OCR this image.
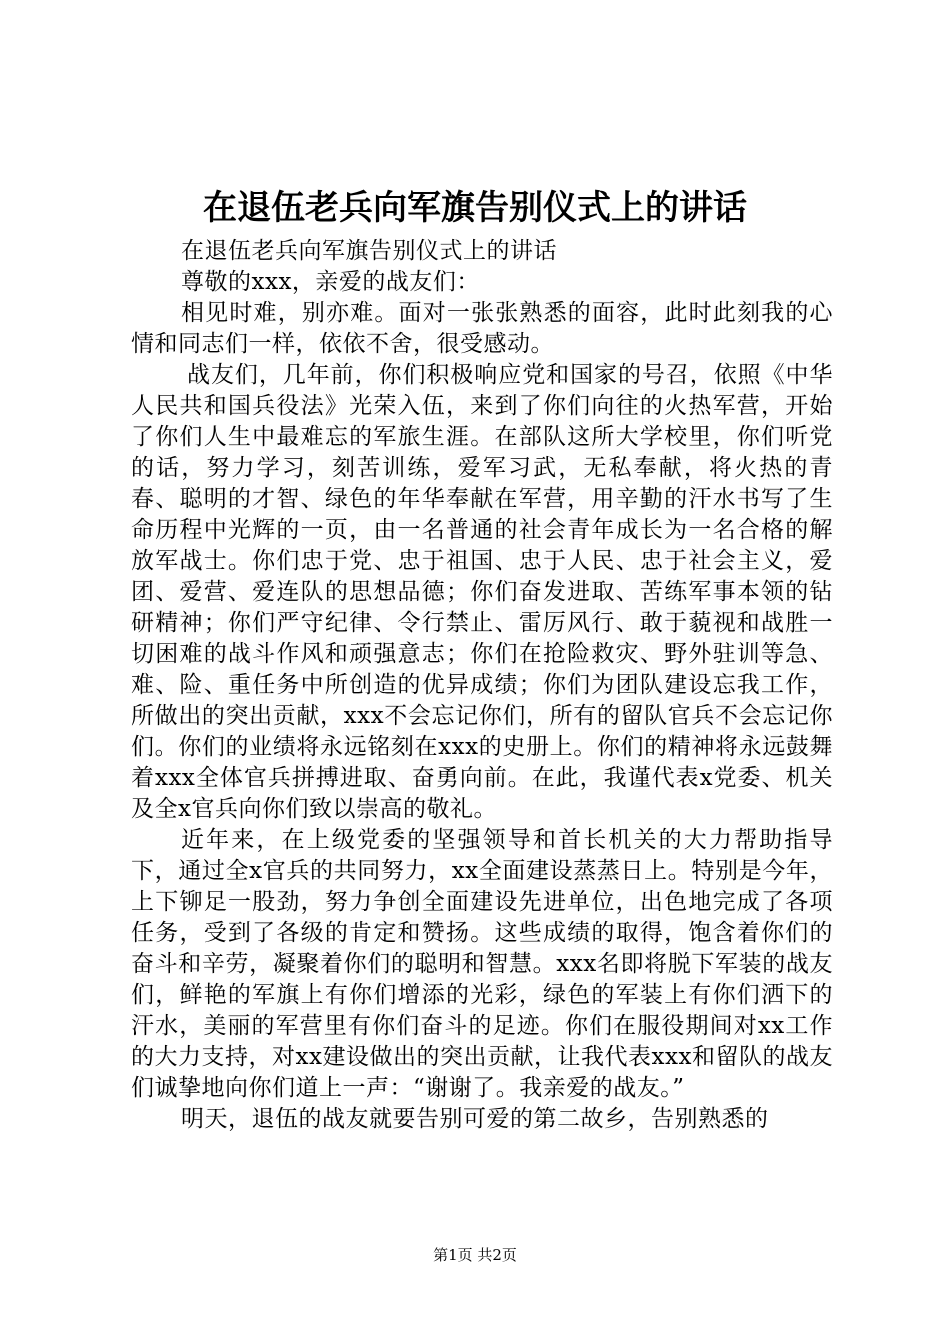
在退伍老兵向军旗告别仪式上的讲话

在退伍老兵向军旗告别仪式上的讲话

尊敬的xxx，亲爱的战友们：

相见时难，别亦难。面对一张张熟悉的面容，此时此刻我的心情和同志们一样，依依不舍，很受感动。

战友们，几年前，你们积极响应党和国家的号召，依照《中华人民共和国兵役法》光荣入伍，来到了你们向往的火热军营，开始了你们人生中最难忘的军旅生涯。在部队这所大学校里，你们听党的话，努力学习，刻苦训练，爱军习武，无私奉献，将火热的青春、聪明的才智、绿色的年华奉献在军营，用辛勤的汗水书写了生命历程中光辉的一页，由一名普通的社会青年成长为一名合格的解放军战士。你们忠于党、忠于祖国、忠于人民、忠于社会主义，爱团、爱营、爱连队的思想品德；你们奋发进取、苦练军事本领的钻研精神；你们严守纪律、令行禁止、雷厉风行、敢于藐视和战胜一切困难的战斗作风和顽强意志；你们在抢险救灾、野外驻训等急、难、险、重任务中所创造的优异成绩；你们为团队建设忘我工作，所做出的突出贡献，xxx不会忘记你们，所有的留队官兵不会忘记你们。你们的业绩将永远铭刻在xxx的史册上。你们的精神将永远鼓舞着xxx全体官兵拼搏进取、奋勇向前。在此，我谨代表x党委、机关及全x官兵向你们致以崇高的敬礼。

近年来，在上级党委的坚强领导和首长机关的大力帮助指导下，通过全x官兵的共同努力，xx全面建设蒸蒸日上。特别是今年，上下铆足一股劲，努力争创全面建设先进单位，出色地完成了各项任务，受到了各级的肯定和赞扬。这些成绩的取得，饱含着你们的奋斗和辛劳，凝聚着你们的聪明和智慧。xxx名即将脱下军装的战友们，鲜艳的军旗上有你们增添的光彩，绿色的军装上有你们洒下的汗水，美丽的军营里有你们奋斗的足迹。你们在服役期间对xx工作的大力支持，对xx建设做出的突出贡献，让我代表xxx和留队的战友们诚挚地向你们道上一声：“谢谢了。我亲爱的战友。”

明天，退伍的战友就要告别可爱的第二故乡，告别熟悉的

第1页 共2页
